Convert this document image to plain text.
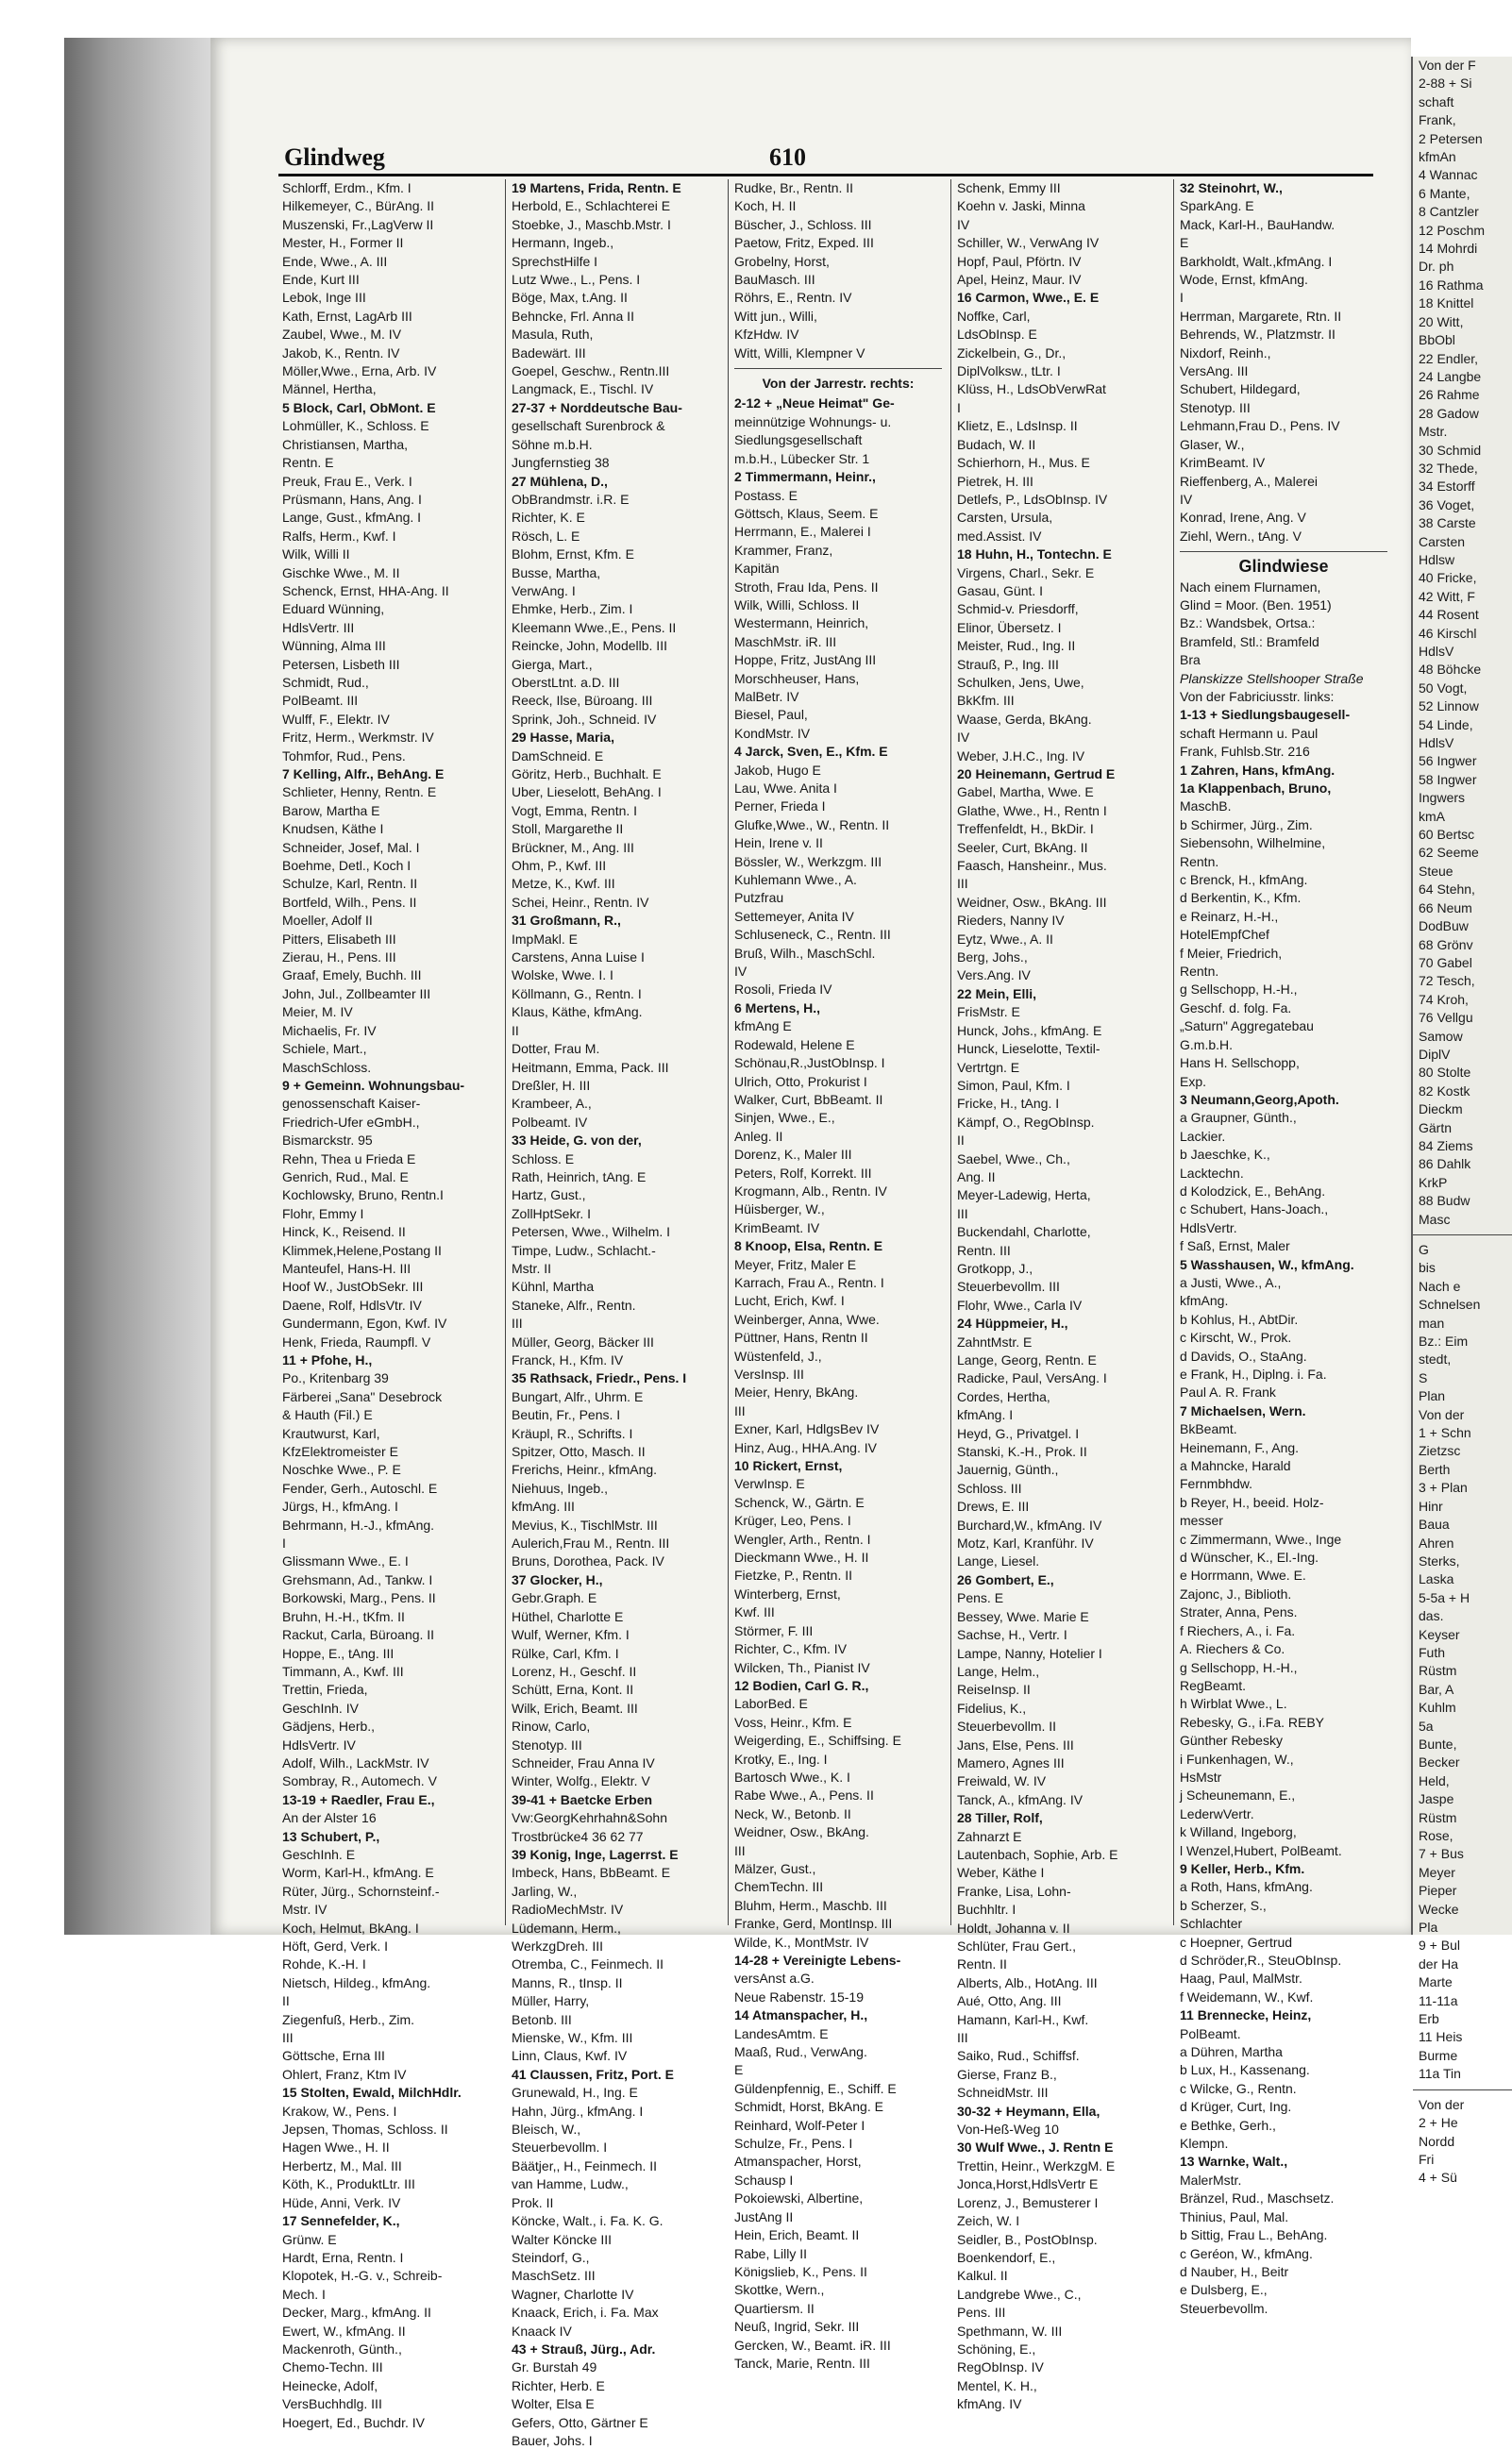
Glindweg	610
Schlorff, Erdm., Kfm. I
Hilkemeyer, C., BürAng. II
Muszenski, Fr.,LagVerw II
Mester, H., Former II
Ende, Wwe., A. III
Ende, Kurt III
Lebok, Inge III
Kath, Ernst, LagArb III
Zaubel, Wwe., M. IV
Jakob, K., Rentn. IV
Möller,Wwe., Erna, Arb. IV
Männel, Hertha,
5 Block, Carl, ObMont. E
Lohmüller, K., Schloss. E
Christiansen, Martha,
Rentn. E
Preuk, Frau E., Verk. I
Prüsmann, Hans, Ang. I
Lange, Gust., kfmAng. I
Ralfs, Herm., Kwf. I
Wilk, Willi II
Gischke Wwe., M. II
Schenck, Ernst, HHA-Ang. II
Eduard Wünning,
HdlsVertr. III
Wünning, Alma III
Petersen, Lisbeth III
Schmidt, Rud.,
PolBeamt. III
Wulff, F., Elektr. IV
Fritz, Herm., Werkmstr. IV
Tohmfor, Rud., Pens.
7 Kelling, Alfr., BehAng. E
Schlieter, Henny, Rentn. E
Barow, Martha E
Knudsen, Käthe I
Schneider, Josef, Mal. I
Boehme, Detl., Koch I
Schulze, Karl, Rentn. II
Bortfeld, Wilh., Pens. II
Moeller, Adolf II
Pitters, Elisabeth III
Zierau, H., Pens. III
Graaf, Emely, Buchh. III
John, Jul., Zollbeamter III
Meier, M. IV
Michaelis, Fr. IV
Schiele, Mart.,
MaschSchloss.
9 + Gemeinn. Wohnungsbau-
genossenschaft Kaiser-
Friedrich-Ufer eGmbH.,
Bismarckstr. 95
Rehn, Thea u Frieda E
Genrich, Rud., Mal. E
Kochlowsky, Bruno, Rentn.I
Flohr, Emmy I
Hinck, K., Reisend. II
Klimmek,Helene,Postang II
Manteufel, Hans-H. III
Hoof W., JustObSekr. III
Daene, Rolf, HdlsVtr. IV
Gundermann, Egon, Kwf. IV
Henk, Frieda, Raumpfl. V
11 + Pfohe, H.,
Po., Kritenbarg 39
Färberei „Sana" Desebrock
& Hauth (Fil.) E
Krautwurst, Karl,
KfzElektromeister E
Noschke Wwe., P. E
Fender, Gerh., Autoschl. E
Jürgs, H., kfmAng. I
Behrmann, H.-J., kfmAng.
I
Glissmann Wwe., E. I
Grehsmann, Ad., Tankw. I
Borkowski, Marg., Pens. II
Bruhn, H.-H., tKfm. II
Rackut, Carla, Büroang. II
Hoppe, E., tAng. III
Timmann, A., Kwf. III
Trettin, Frieda,
GeschInh. IV
Gädjens, Herb.,
HdlsVertr. IV
Adolf, Wilh., LackMstr. IV
Sombray, R., Automech. V
13-19 + Raedler, Frau E.,
An der Alster 16
13 Schubert, P.,
GeschInh. E
Worm, Karl-H., kfmAng. E
Rüter, Jürg., Schornsteinf.-
Mstr. IV
Koch, Helmut, BkAng. I
Höft, Gerd, Verk. I
Rohde, K.-H. I
Nietsch, Hildeg., kfmAng.
II
Ziegenfuß, Herb., Zim.
III
Göttsche, Erna III
Ohlert, Franz, Ktm IV
15 Stolten, Ewald, MilchHdlr.
Krakow, W., Pens. I
Jepsen, Thomas, Schloss. II
Hagen Wwe., H. II
Herbertz, M., Mal. III
Köth, K., ProduktLtr. III
Hüde, Anni, Verk. IV
17 Sennefelder, K.,
Grünw. E
Hardt, Erna, Rentn. I
Klopotek, H.-G. v., Schreib-
Mech. I
Decker, Marg., kfmAng. II
Ewert, W., kfmAng. II
Mackenroth, Günth.,
Chemo-Techn. III
Heinecke, Adolf,
VersBuchhdlg. III
Hoegert, Ed., Buchdr. IV
19 Martens, Frida, Rentn. E
Herbold, E., Schlachterei E
Stoebke, J., Maschb.Mstr. I
Hermann, Ingeb.,
SprechstHilfe I
Lutz Wwe., L., Pens. I
Böge, Max, t.Ang. II
Behncke, Frl. Anna II
Masula, Ruth,
Badewärt. III
Goepel, Geschw., Rentn.III
Langmack, E., Tischl. IV
27-37 + Norddeutsche Bau-
gesellschaft Surenbrock &
Söhne m.b.H.
Jungfernstieg 38
27 Mühlena, D.,
ObBrandmstr. i.R. E
Richter, K. E
Rösch, L. E
Blohm, Ernst, Kfm. E
Busse, Martha,
VerwAng. I
Ehmke, Herb., Zim. I
Kleemann Wwe.,E., Pens. II
Reincke, John, Modellb. III
Gierga, Mart.,
OberstLtnt. a.D. III
Reeck, Ilse, Büroang. III
Sprink, Joh., Schneid. IV
29 Hasse, Maria,
DamSchneid. E
Göritz, Herb., Buchhalt. E
Uber, Lieselott, BehAng. I
Vogt, Emma, Rentn. I
Stoll, Margarethe II
Brückner, M., Ang. III
Ohm, P., Kwf. III
Metze, K., Kwf. III
Schei, Heinr., Rentn. IV
31 Großmann, R.,
ImpMakl. E
Carstens, Anna Luise I
Wolske, Wwe. I. I
Köllmann, G., Rentn. I
Klaus, Käthe, kfmAng.
II
Dotter, Frau M.
Heitmann, Emma, Pack. III
Dreßler, H. III
Krambeer, A.,
Polbeamt. IV
33 Heide, G. von der,
Schloss. E
Rath, Heinrich, tAng. E
Hartz, Gust.,
ZollHptSekr. I
Petersen, Wwe., Wilhelm. I
Timpe, Ludw., Schlacht.-
Mstr. II
Kühnl, Martha
Staneke, Alfr., Rentn.
III
Müller, Georg, Bäcker III
Franck, H., Kfm. IV
35 Rathsack, Friedr., Pens. I
Bungart, Alfr., Uhrm. E
Beutin, Fr., Pens. I
Kräupl, R., Schrifts. I
Spitzer, Otto, Masch. II
Frerichs, Heinr., kfmAng.
Niehuus, Ingeb.,
kfmAng. III
Mevius, K., TischlMstr. III
Aulerich,Frau M., Rentn. III
Bruns, Dorothea, Pack. IV
37 Glocker, H.,
Gebr.Graph. E
Hüthel, Charlotte E
Wulf, Werner, Kfm. I
Rülke, Carl, Kfm. I
Lorenz, H., Geschf. II
Schütt, Erna, Kont. II
Wilk, Erich, Beamt. III
Rinow, Carlo,
Stenotyp. III
Schneider, Frau Anna IV
Winter, Wolfg., Elektr. V
39-41 + Baetcke Erben
Vw:GeorgKehrhahn&Sohn
Trostbrücke4 36 62 77
39 Konig, Inge, Lagerrst. E
Imbeck, Hans, BbBeamt. E
Jarling, W.,
RadioMechMstr. IV
Lüdemann, Herm.,
WerkzgDreh. III
Otremba, C., Feinmech. II
Manns, R., tInsp. II
Müller, Harry,
Betonb. III
Mienske, W., Kfm. III
Linn, Claus, Kwf. IV
41 Claussen, Fritz, Port. E
Grunewald, H., Ing. E
Hahn, Jürg., kfmAng. I
Bleisch, W.,
Steuerbevollm. I
Bäätjer,, H., Feinmech. II
van Hamme, Ludw.,
Prok. II
Köncke, Walt., i. Fa. K. G.
Walter Köncke III
Steindorf, G.,
MaschSetz. III
Wagner, Charlotte IV
Knaack, Erich, i. Fa. Max
Knaack IV
43 + Strauß, Jürg., Adr.
Gr. Burstah 49
Richter, Herb. E
Wolter, Elsa E
Gefers, Otto, Gärtner E
Bauer, Johs. I
Rudke, Br., Rentn. II
Koch, H. II
Büscher, J., Schloss. III
Paetow, Fritz, Exped. III
Grobelny, Horst,
BauMasch. III
Röhrs, E., Rentn. IV
Witt jun., Willi,
KfzHdw. IV
Witt, Willi, Klempner V
Von der Jarrestr. rechts:
2-12 + „Neue Heimat" Ge-
meinnützige Wohnungs- u.
Siedlungsgesellschaft
m.b.H., Lübecker Str. 1
2 Timmermann, Heinr.,
Postass. E
Göttsch, Klaus, Seem. E
Herrmann, E., Malerei I
Krammer, Franz,
Kapitän
Stroth, Frau Ida, Pens. II
Wilk, Willi, Schloss. II
Westermann, Heinrich,
MaschMstr. iR. III
Hoppe, Fritz, JustAng III
Morschheuser, Hans,
MalBetr. IV
Biesel, Paul,
KondMstr. IV
4 Jarck, Sven, E., Kfm. E
Jakob, Hugo E
Lau, Wwe. Anita I
Perner, Frieda I
Glufke,Wwe., W., Rentn. II
Hein, Irene v. II
Bössler, W., Werkzgm. III
Kuhlemann Wwe., A.
Putzfrau
Settemeyer, Anita IV
Schluseneck, C., Rentn. III
Bruß, Wilh., MaschSchl.
IV
Rosoli, Frieda IV
6 Mertens, H.,
kfmAng E
Rodewald, Helene E
Schönau,R.,JustObInsp. I
Ulrich, Otto, Prokurist I
Walker, Curt, BbBeamt. II
Sinjen, Wwe., E.,
Anleg. II
Dorenz, K., Maler III
Peters, Rolf, Korrekt. III
Krogmann, Alb., Rentn. IV
Hüisberger, W.,
KrimBeamt. IV
8 Knoop, Elsa, Rentn. E
Meyer, Fritz, Maler E
Karrach, Frau A., Rentn. I
Lucht, Erich, Kwf. I
Weinberger, Anna, Wwe.
Püttner, Hans, Rentn II
Wüstenfeld, J.,
VersInsp. III
Meier, Henry, BkAng.
III
Exner, Karl, HdlgsBev IV
Hinz, Aug., HHA.Ang. IV
10 Rickert, Ernst,
VerwInsp. E
Schenck, W., Gärtn. E
Krüger, Leo, Pens. I
Wengler, Arth., Rentn. I
Dieckmann Wwe., H. II
Fietzke, P., Rentn. II
Winterberg, Ernst,
Kwf. III
Störmer, F. III
Richter, C., Kfm. IV
Wilcken, Th., Pianist IV
12 Bodien, Carl G. R.,
LaborBed. E
Voss, Heinr., Kfm. E
Weigerding, E., Schiffsing. E
Krotky, E., Ing. I
Bartosch Wwe., K. I
Rabe Wwe., A., Pens. II
Neck, W., Betonb. II
Weidner, Osw., BkAng.
III
Mälzer, Gust.,
ChemTechn. III
Bluhm, Herm., Maschb. III
Franke, Gerd, MontInsp. III
Wilde, K., MontMstr. IV
14-28 + Vereinigte Lebens-
versAnst a.G.
Neue Rabenstr. 15-19
14 Atmanspacher, H.,
LandesAmtm. E
Maaß, Rud., VerwAng.
E
Güldenpfennig, E., Schiff. E
Schmidt, Horst, BkAng. E
Reinhard, Wolf-Peter I
Schulze, Fr., Pens. I
Atmanspacher, Horst,
Schausp I
Pokoiewski, Albertine,
JustAng II
Hein, Erich, Beamt. II
Rabe, Lilly II
Königslieb, K., Pens. II
Skottke, Wern.,
Quartiersm. II
Neuß, Ingrid, Sekr. III
Gercken, W., Beamt. iR. III
Tanck, Marie, Rentn. III
Schenk, Emmy III
Koehn v. Jaski, Minna
IV
Schiller, W., VerwAng IV
Hopf, Paul, Pförtn. IV
Apel, Heinz, Maur. IV
16 Carmon, Wwe., E. E
Noffke, Carl,
LdsObInsp. E
Zickelbein, G., Dr.,
DiplVolksw., tLtr. I
Klüss, H., LdsObVerwRat
I
Klietz, E., LdsInsp. II
Budach, W. II
Schierhorn, H., Mus. E
Pietrek, H. III
Detlefs, P., LdsObInsp. IV
Carsten, Ursula,
med.Assist. IV
18 Huhn, H., Tontechn. E
Virgens, Charl., Sekr. E
Gasau, Günt. I
Schmid-v. Priesdorff,
Elinor, Übersetz. I
Meister, Rud., Ing. II
Strauß, P., Ing. III
Schulken, Jens, Uwe,
BkKfm. III
Waase, Gerda, BkAng.
IV
Weber, J.H.C., Ing. IV
20 Heinemann, Gertrud E
Gabel, Martha, Wwe. E
Glathe, Wwe., H., Rentn I
Treffenfeldt, H., BkDir. I
Seeler, Curt, BkAng. II
Faasch, Hansheinr., Mus.
III
Weidner, Osw., BkAng. III
Rieders, Nanny IV
Eytz, Wwe., A. II
Berg, Johs.,
Vers.Ang. IV
22 Mein, Elli,
FrisMstr. E
Hunck, Johs., kfmAng. E
Hunck, Lieselotte, Textil-
Vertrtgn. E
Simon, Paul, Kfm. I
Fricke, H., tAng. I
Kämpf, O., RegObInsp.
II
Saebel, Wwe., Ch.,
Ang. II
Meyer-Ladewig, Herta,
III
Buckendahl, Charlotte,
Rentn. III
Grotkopp, J.,
Steuerbevollm. III
Flohr, Wwe., Carla IV
24 Hüppmeier, H.,
ZahntMstr. E
Lange, Georg, Rentn. E
Radicke, Paul, VersAng. I
Cordes, Hertha,
kfmAng. I
Heyd, G., Privatgel. I
Stanski, K.-H., Prok. II
Jauernig, Günth.,
Schloss. III
Drews, E. III
Burchard,W., kfmAng. IV
Motz, Karl, Kranführ. IV
Lange, Liesel.
26 Gombert, E.,
Pens. E
Bessey, Wwe. Marie E
Sachse, H., Vertr. I
Lampe, Nanny, Hotelier I
Lange, Helm.,
ReiseInsp. II
Fidelius, K.,
Steuerbevollm. II
Jans, Else, Pens. III
Mamero, Agnes III
Freiwald, W. IV
Tanck, A., kfmAng. IV
28 Tiller, Rolf,
Zahnarzt E
Lautenbach, Sophie, Arb. E
Weber, Käthe I
Franke, Lisa, Lohn-
Buchhltr. I
Holdt, Johanna v. II
Schlüter, Frau Gert.,
Rentn. II
Alberts, Alb., HotAng. III
Aué, Otto, Ang. III
Hamann, Karl-H., Kwf.
III
Saiko, Rud., Schiffsf.
Gierse, Franz B.,
SchneidMstr. III
30-32 + Heymann, Ella,
Von-Heß-Weg 10
30 Wulf Wwe., J. Rentn E
Trettin, Heinr., WerkzgM. E
Jonca,Horst,HdlsVertr E
Lorenz, J., Bemusterer I
Zeich, W. I
Seidler, B., PostObInsp.
Boenkendorf, E.,
Kalkul. II
Landgrebe Wwe., C.,
Pens. III
Spethmann, W. III
Schöning, E.,
RegObInsp. IV
Mentel, K. H.,
kfmAng. IV
32 Steinohrt, W.,
SparkAng. E
Mack, Karl-H., BauHandw.
E
Barkholdt, Walt.,kfmAng. I
Wode, Ernst, kfmAng.
I
Herrman, Margarete, Rtn. II
Behrends, W., Platzmstr. II
Nixdorf, Reinh.,
VersAng. III
Schubert, Hildegard,
Stenotyp. III
Lehmann,Frau D., Pens. IV
Glaser, W.,
KrimBeamt. IV
Rieffenberg, A., Malerei
IV
Konrad, Irene, Ang. V
Ziehl, Wern., tAng. V
Glindwiese
Nach einem Flurnamen,
Glind = Moor. (Ben. 1951)
Bz.: Wandsbek, Ortsa.:
Bramfeld, Stl.: Bramfeld
Bra
Planskizze Stellshooper Straße
Von der Fabriciusstr. links:
1-13 + Siedlungsbaugesell-
schaft Hermann u. Paul
Frank, Fuhlsb.Str. 216
1 Zahren, Hans, kfmAng.
1a Klappenbach, Bruno,
MaschB.
b Schirmer, Jürg., Zim.
Siebensohn, Wilhelmine,
Rentn.
c Brenck, H., kfmAng.
d Berkentin, K., Kfm.
e Reinarz, H.-H.,
HotelEmpfChef
f Meier, Friedrich,
Rentn.
g Sellschopp, H.-H.,
Geschf. d. folg. Fa.
„Saturn" Aggregatebau
G.m.b.H.
Hans H. Sellschopp,
Exp.
3 Neumann,Georg,Apoth.
a Graupner, Günth.,
Lackier.
b Jaeschke, K.,
Lacktechn.
d Kolodzick, E., BehAng.
c Schubert, Hans-Joach.,
HdlsVertr.
f Saß, Ernst, Maler
5 Wasshausen, W., kfmAng.
a Justi, Wwe., A.,
kfmAng.
b Kohlus, H., AbtDir.
c Kirscht, W., Prok.
d Davids, O., StaAng.
e Frank, H., Diplng. i. Fa.
Paul A. R. Frank
7 Michaelsen, Wern.
BkBeamt.
Heinemann, F., Ang.
a Mahncke, Harald
Fernmbhdw.
b Reyer, H., beeid. Holz-
messer
c Zimmermann, Wwe., Inge
d Wünscher, K., El.-Ing.
e Horrmann, Wwe. E.
Zajonc, J., Biblioth.
Strater, Anna, Pens.
f Riechers, A., i. Fa.
A. Riechers & Co.
g Sellschopp, H.-H.,
RegBeamt.
h Wirblat Wwe., L.
Rebesky, G., i.Fa. REBY
Günther Rebesky
i Funkenhagen, W.,
HsMstr
j Scheunemann, E.,
LederwVertr.
k Willand, Ingeborg,
l Wenzel,Hubert, PolBeamt.
9 Keller, Herb., Kfm.
a Roth, Hans, kfmAng.
b Scherzer, S.,
Schlachter
c Hoepner, Gertrud
d Schröder,R., SteuObInsp.
Haag, Paul, MalMstr.
f Weidemann, W., Kwf.
11 Brennecke, Heinz,
PolBeamt.
a Dühren, Martha
b Lux, H., Kassenang.
c Wilcke, G., Rentn.
d Krüger, Curt, Ing.
e Bethke, Gerh.,
Klempn.
13 Warnke, Walt.,
MalerMstr.
Bränzel, Rud., Maschsetz.
Thinius, Paul, Mal.
b Sittig, Frau L., BehAng.
c Geréon, W., kfmAng.
d Nauber, H., Beitr
e Dulsberg, E.,
Steuerbevollm.
Von der F
2-88 + Si
schaft
Frank,
2 Petersen
kfmAn
4 Wannac
6 Mante,
8 Cantzler
12 Poschm
14 Mohrdi
Dr. ph
16 Rathma
18 Knittel
20 Witt,
BbObl
22 Endler,
24 Langbe
26 Rahme
28 Gadow
Mstr.
30 Schmid
32 Thede,
34 Estorff
36 Voget,
38 Carste
Carsten
Hdlsw
40 Fricke,
42 Witt, F
44 Rosent
46 Kirschl
HdlsV
48 Böhcke
50 Vogt,
52 Linnow
54 Linde,
HdlsV
56 Ingwer
58 Ingwer
Ingwers
kmA
60 Bertsc
62 Seeme
Steue
64 Stehn,
66 Neum
DodBuw
68 Grönv
70 Gabel
72 Tesch,
74 Kroh,
76 Vellgu
Samow
DiplV
80 Stolte
82 Kostk
Dieckm
Gärtn
84 Ziems
86 Dahlk
KrkP
88 Budw
Masc
G
bis
Nach e
Schnelsen
man
Bz.: Eim
stedt,
S
Plan
Von der
1 + Schn
Zietzsc
Berth
3 + Plan
Hinr
Baua
Ahren
Sterks,
Laska
5-5a + H
das.
Keyser
Futh
Rüstm
Bar, A
Kuhlm
5a
Bunte,
Becker
Held,
Jaspe
Rüstm
Rose,
7 + Bus
Meyer
Pieper
Wecke
Pla
9 + Bul
der Ha
Marte
11-11a
Erb
11 Heis
Burme
11a Tin
Von der
2 + He
Nordd
Fri
4 + Sü
